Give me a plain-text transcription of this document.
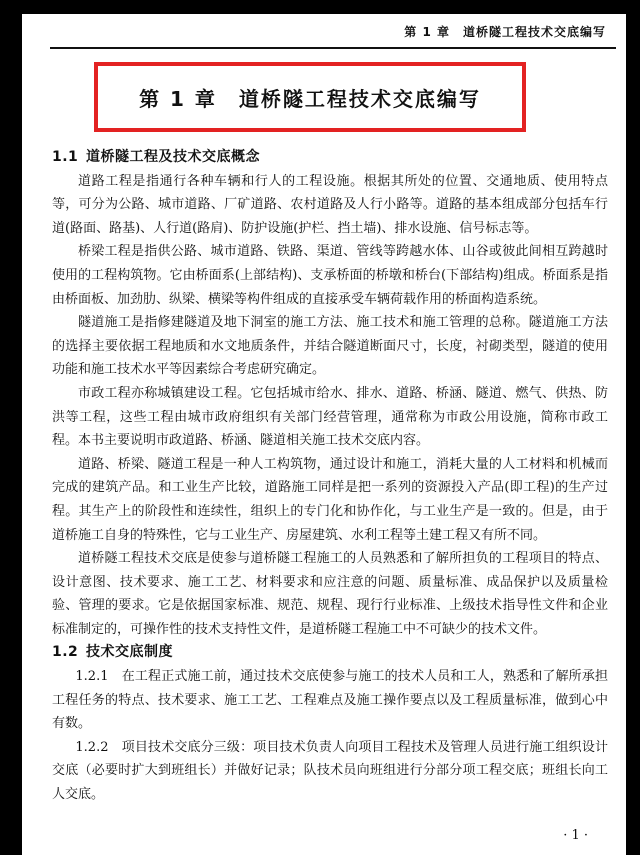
第 1 章　道桥隧工程技术交底编写
第 1 章　道桥隧工程技术交底编写
1.1 道桥隧工程及技术交底概念

道路工程是指通行各种车辆和行人的工程设施。根据其所处的位置、交通地质、使用特点等，可分为公路、城市道路、厂矿道路、农村道路及人行小路等。道路的基本组成部分包括车行道(路面、路基)、人行道(路肩)、防护设施(护栏、挡土墙)、排水设施、信号标志等。

桥梁工程是指供公路、城市道路、铁路、渠道、管线等跨越水体、山谷或彼此间相互跨越时使用的工程构筑物。它由桥面系(上部结构)、支承桥面的桥墩和桥台(下部结构)组成。桥面系是指由桥面板、加劲肋、纵梁、横梁等构件组成的直接承受车辆荷载作用的桥面构造系统。

隧道施工是指修建隧道及地下洞室的施工方法、施工技术和施工管理的总称。隧道施工方法的选择主要依据工程地质和水文地质条件，并结合隧道断面尺寸，长度，衬砌类型，隧道的使用功能和施工技术水平等因素综合考虑研究确定。

市政工程亦称城镇建设工程。它包括城市给水、排水、道路、桥涵、隧道、燃气、供热、防洪等工程，这些工程由城市政府组织有关部门经营管理，通常称为市政公用设施，简称市政工程。本书主要说明市政道路、桥涵、隧道相关施工技术交底内容。

道路、桥梁、隧道工程是一种人工构筑物，通过设计和施工，消耗大量的人工材料和机械而完成的建筑产品。和工业生产比较，道路施工同样是把一系列的资源投入产品(即工程)的生产过程。其生产上的阶段性和连续性，组织上的专门化和协作化，与工业生产是一致的。但是，由于道桥施工自身的特殊性，它与工业生产、房屋建筑、水利工程等土建工程又有所不同。

道桥隧工程技术交底是使参与道桥隧工程施工的人员熟悉和了解所担负的工程项目的特点、设计意图、技术要求、施工工艺、材料要求和应注意的问题、质量标准、成品保护以及质量检验、管理的要求。它是依据国家标准、规范、规程、现行行业标准、上级技术指导性文件和企业标准制定的，可操作性的技术支持性文件，是道桥隧工程施工中不可缺少的技术文件。

1.2 技术交底制度

1.2.1　 在工程正式施工前，通过技术交底使参与施工的技术人员和工人，熟悉和了解所承担工程任务的特点、技术要求、施工工艺、工程难点及施工操作要点以及工程质量标准，做到心中有数。

1.2.2　 项目技术交底分三级：项目技术负责人向项目工程技术及管理人员进行施工组织设计交底（必要时扩大到班组长）并做好记录；队技术员向班组进行分部分项工程交底；班组长向工人交底。

· 1 ·
